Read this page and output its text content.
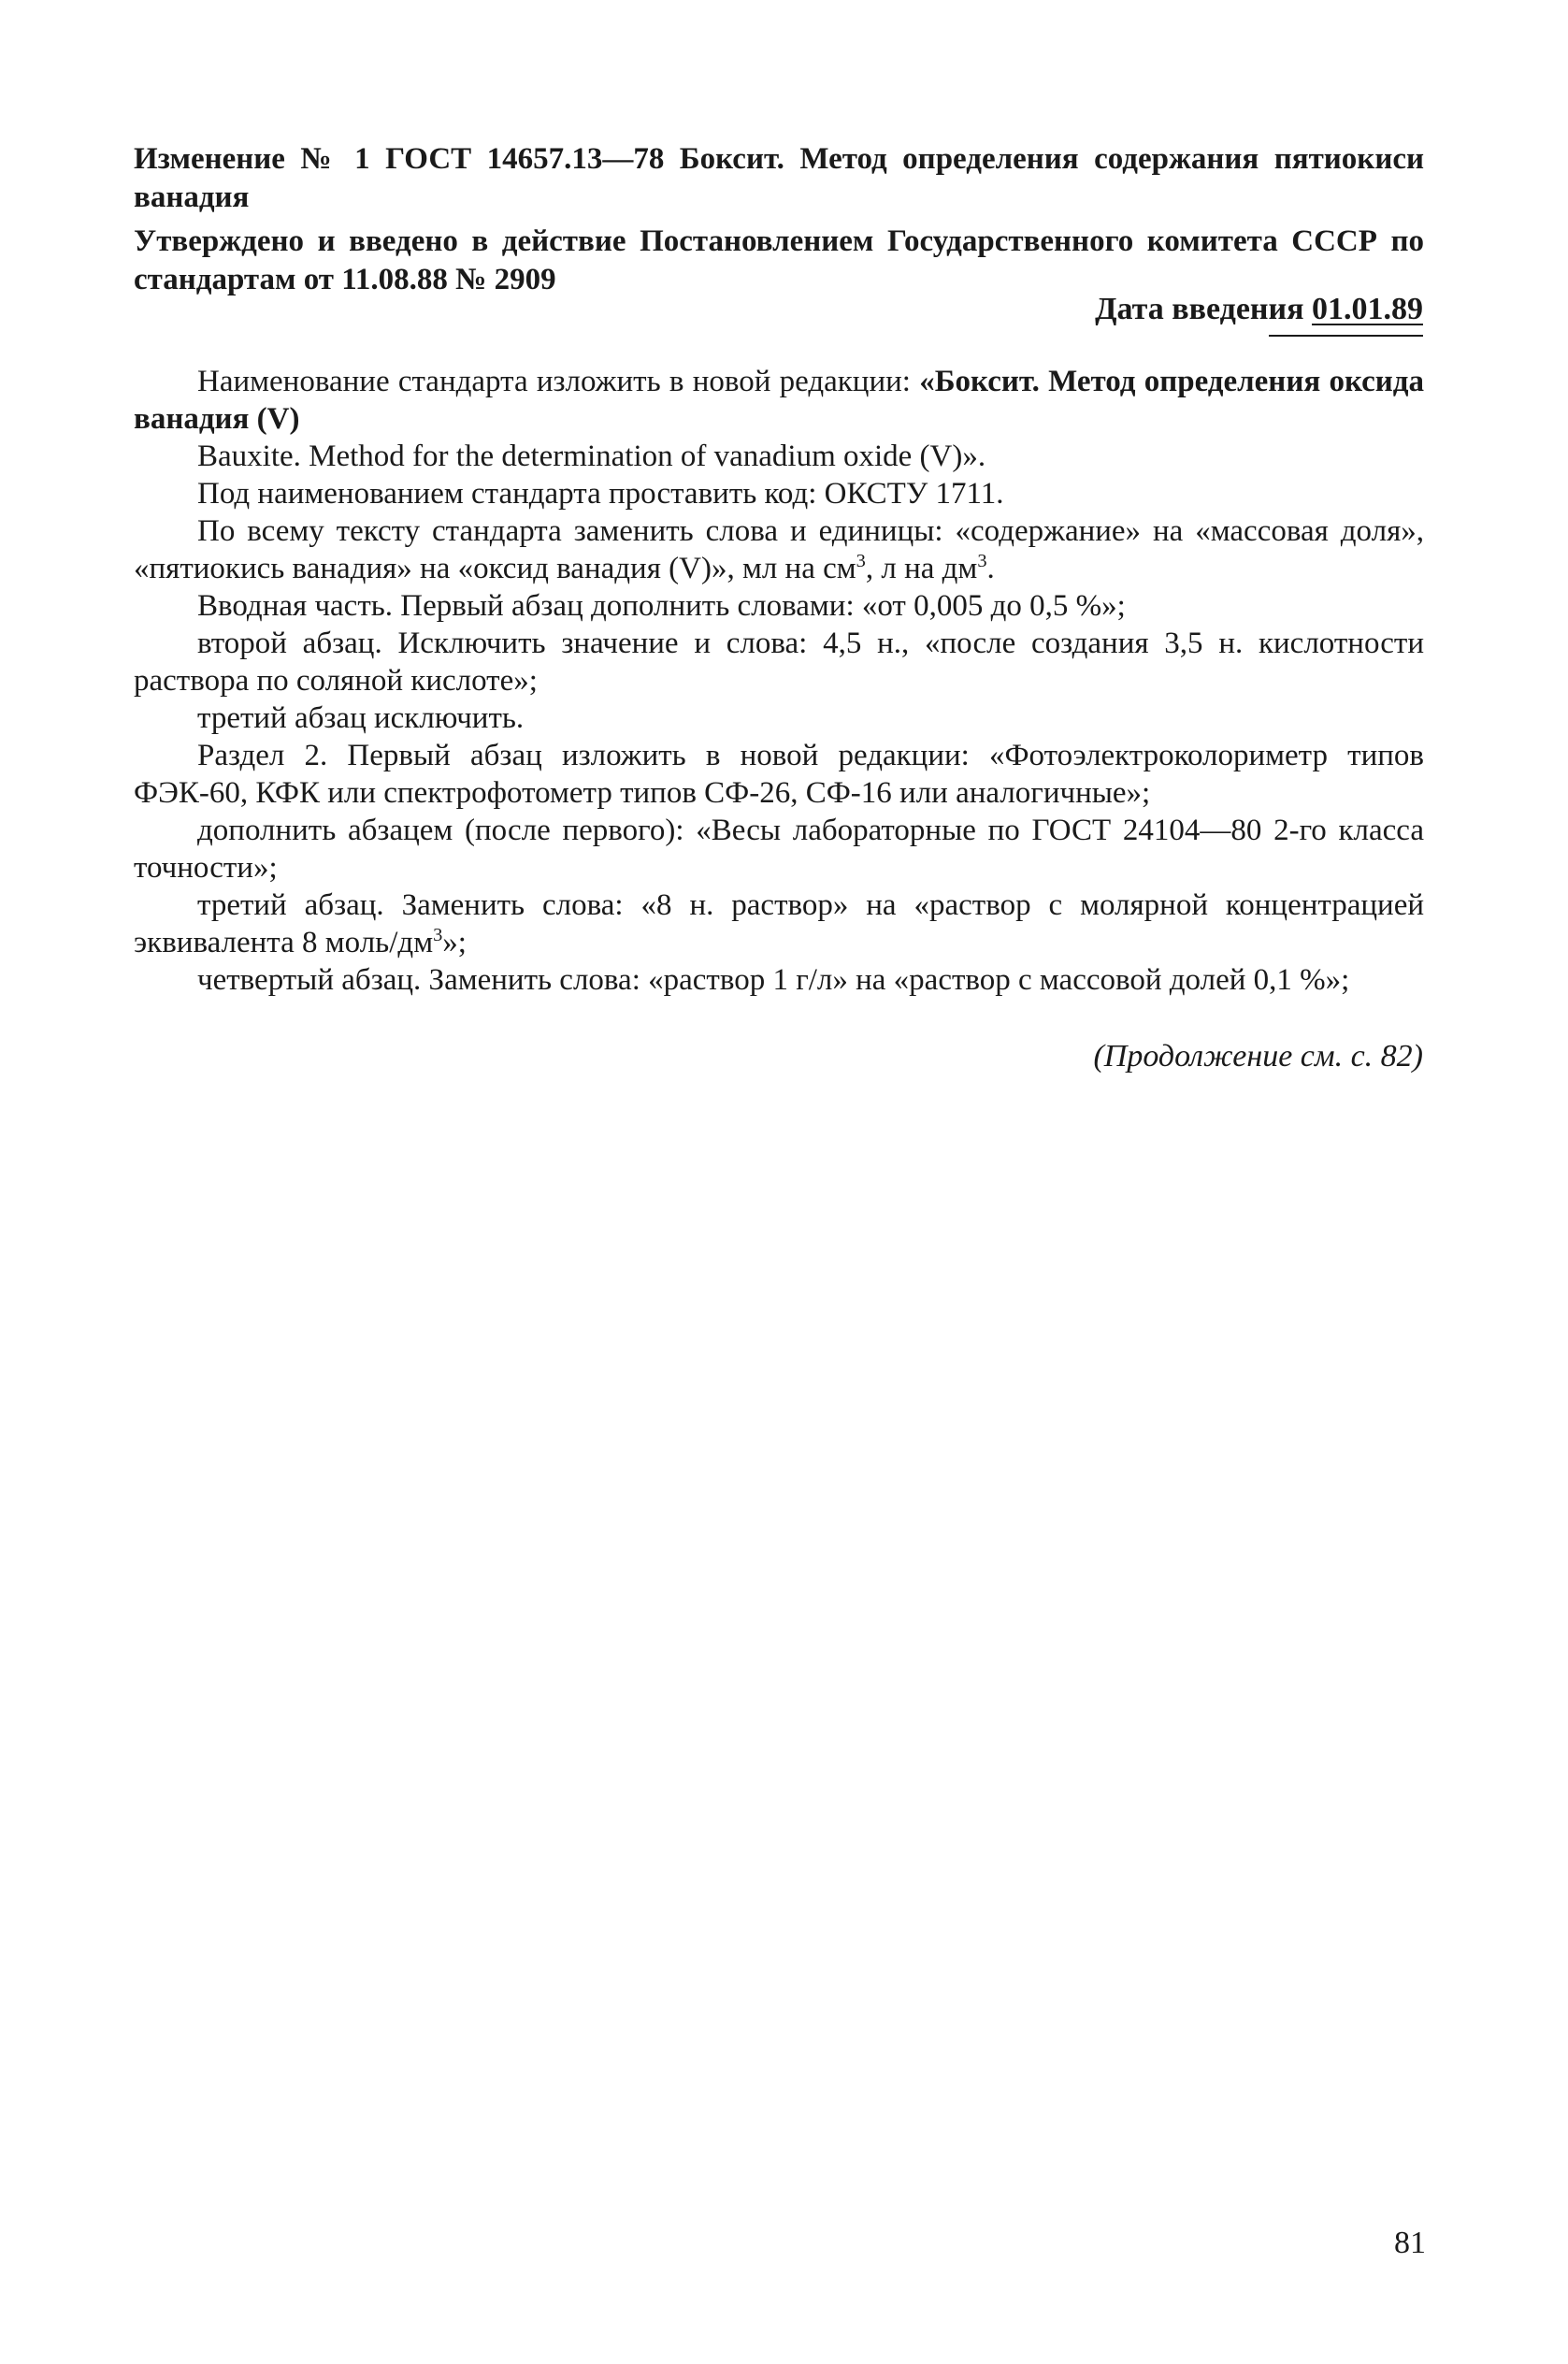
Изменение № 1 ГОСТ 14657.13—78 Боксит. Метод определения содержания пятиокиси ванадия
Утверждено и введено в действие Постановлением Государственного комитета СССР по стандартам от 11.08.88 № 2909
Дата введения 01.01.89

Наименование стандарта изложить в новой редакции: «Боксит. Метод определения оксида ванадия (V)

Bauxite. Method for the determination of vanadium oxide (V)».

Под наименованием стандарта проставить код: ОКСТУ 1711.

По всему тексту стандарта заменить слова и единицы: «содержание» на «массовая доля», «пятиокись ванадия» на «оксид ванадия (V)», мл на $см^3$, л на $дм^3$.

Вводная часть. Первый абзац дополнить словами: «от 0,005 до 0,5 %»;

второй абзац. Исключить значение и слова: 4,5 н., «после создания 3,5 н. кислотности раствора по соляной кислоте»;

третий абзац исключить.

Раздел 2. Первый абзац изложить в новой редакции: «Фотоэлектроколориметр типов ФЭК-60, КФК или спектрофотометр типов СФ-26, СФ-16 или аналогичные»;

дополнить абзацем (после первого): «Весы лабораторные по ГОСТ 24104—80 2-го класса точности»;

третий абзац. Заменить слова: «8 н. раствор» на «раствор с молярной концентрацией эквивалента 8 моль/$дм^3$»;

четвертый абзац. Заменить слова: «раствор 1 г/л» на «раствор с массовой долей 0,1 %»;

(Продолжение см. с. 82)
81
